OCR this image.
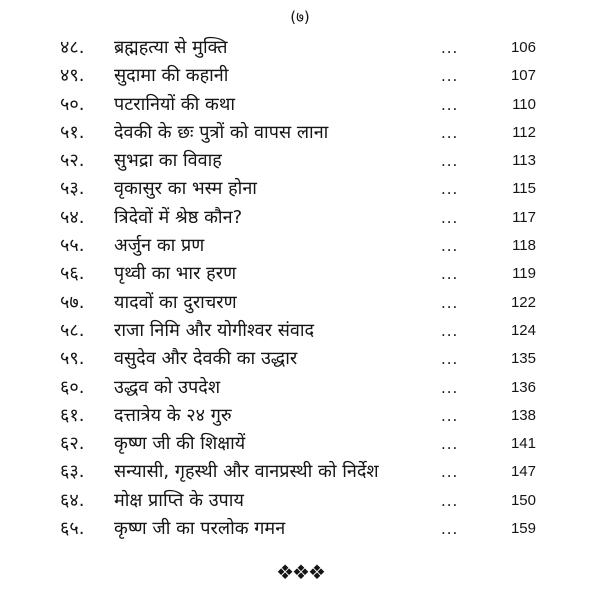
(७)
४८. ब्रह्महत्या से मुक्ति	...	106
४९. सुदामा की कहानी	...	107
५०. पटरानियों की कथा	...	110
५१. देवकी के छः पुत्रों को वापस लाना	...	112
५२. सुभद्रा का विवाह	...	113
५३. वृकासुर का भस्म होना	...	115
५४. त्रिदेवों में श्रेष्ठ कौन?	...	117
५५. अर्जुन का प्रण	...	118
५६. पृथ्वी का भार हरण	...	119
५७. यादवों का दुराचरण	...	122
५८. राजा निमि और योगीश्वर संवाद	...	124
५९. वसुदेव और देवकी का उद्धार	...	135
६०. उद्धव को उपदेश	...	136
६१. दत्तात्रेय के २४ गुरु	...	138
६२. कृष्ण जी की शिक्षायें	...	141
६३. सन्यासी, गृहस्थी और वानप्रस्थी को निर्देश	...	147
६४. मोक्ष प्राप्ति के उपाय	...	150
६५. कृष्ण जी का परलोक गमन	...	159
❖❖❖
